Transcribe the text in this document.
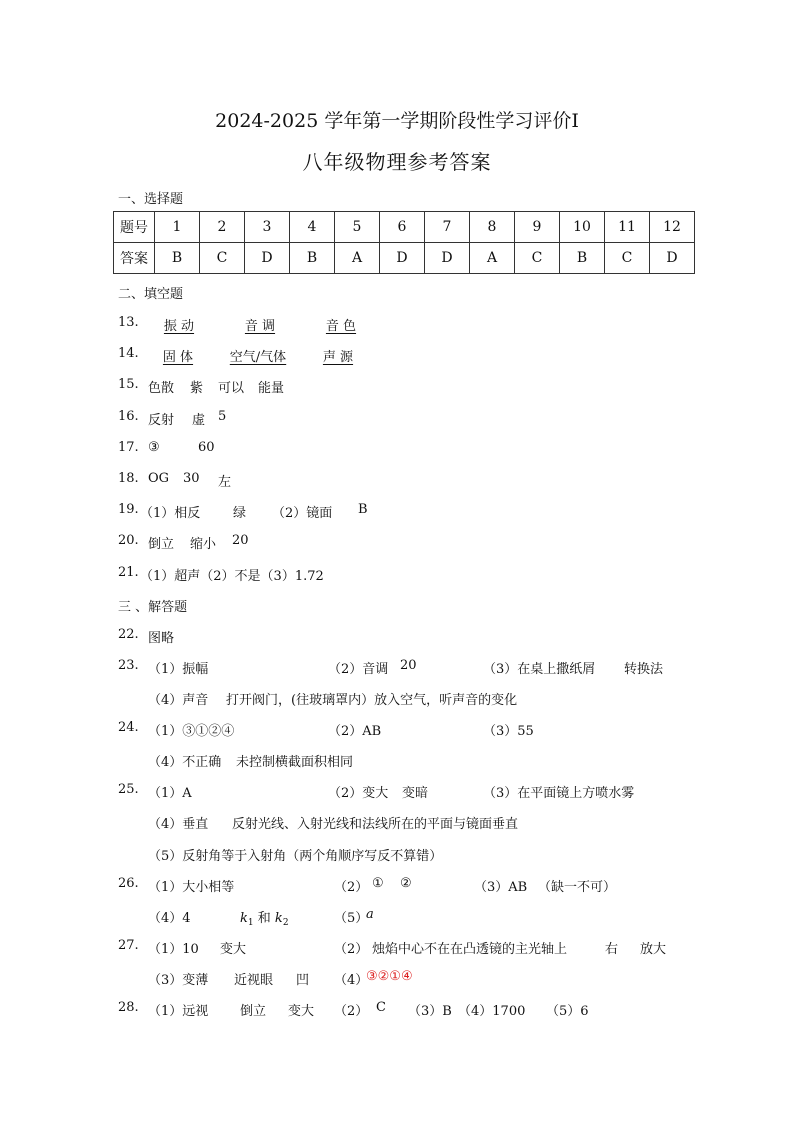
2024-2025 学年第一学期阶段性学习评价I
八年级物理参考答案
一、选择题
题号	1	2	3	4	5	6	7	8	9	10	11	12
答案	B	C	D	B	A	D	D	A	C	B	C	D
二、填空题
13.	振 动	音 调	音 色
14.	固 体	空气/气体	声 源
15. 色散 紫 可以 能量
16. 反射 虚 5
17. ③	60
18. OG 30 左
19. （1）相反	绿 （2）镜面 B
20. 倒立 缩小 20
21. （1）超声（2）不是（3）1.72
三 、解答题
22. 图略
23. （1）振幅	（2）音调 20	（3）在桌上撒纸屑 转换法
（4）声音 打开阀门，(往玻璃罩内）放入空气，听声音的变化
24. （1）③①②④	（2）AB	（3）55
（4）不正确 未控制横截面积相同
25. （1）A	（2）变大 变暗	（3）在平面镜上方喷水雾
（4）垂直 反射光线、入射光线和法线所在的平面与镜面垂直
（5）反射角等于入射角（两个角顺序写反不算错）
26. （1）大小相等	（2） ① ②	（3）AB （缺一不可）
（4）4	$k_1$ 和 $k_2$	（5）
a
27. （1）10 变大	（2） 烛焰中心不在在凸透镜的主光轴上	右 放大
（3）变薄 近视眼 凹 （4）
③②①④
28. （1）远视 倒立 变大 （2） C （3）B （4）1700 （5）6
